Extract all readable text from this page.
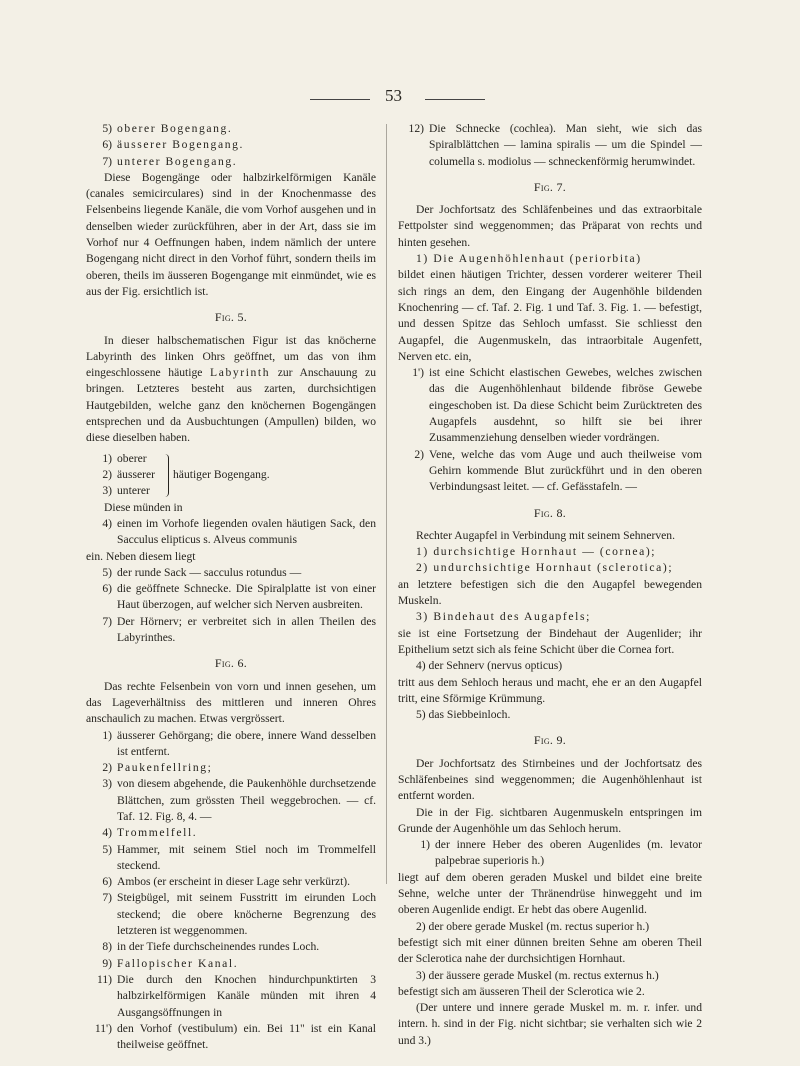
53
5) oberer Bogengang.
6) äusserer Bogengang.
7) unterer Bogengang.

Diese Bogengänge oder halbzirkelförmigen Kanäle (canales semicirculares) sind in der Knochenmasse des Felsenbeins liegende Kanäle, die vom Vorhof ausgehen und in denselben wieder zurückführen, aber in der Art, dass sie im Vorhof nur 4 Oeffnungen haben, indem nämlich der untere Bogengang nicht direct in den Vorhof führt, sondern theils im oberen, theils im äusseren Bogengange mit einmündet, wie es aus der Fig. ersichtlich ist.

Fig. 5.

In dieser halbschematischen Figur ist das knöcherne Labyrinth des linken Ohrs geöffnet, um das von ihm eingeschlossene häutige Labyrinth zur Anschauung zu bringen. Letzteres besteht aus zarten, durchsichtigen Hautgebilden, welche ganz den knöchernen Bogengängen entsprechen und da Ausbuchtungen (Ampullen) bilden, wo diese dieselben haben.

1) oberer
2) äusserer
3) unterer
häutiger Bogengang.

Diese münden in

4) einen im Vorhofe liegenden ovalen häutigen Sack, den Sacculus elipticus s. Alveus communis

ein. Neben diesem liegt

5) der runde Sack — sacculus rotundus —
6) die geöffnete Schnecke. Die Spiralplatte ist von einer Haut überzogen, auf welcher sich Nerven ausbreiten.
7) Der Hörnerv; er verbreitet sich in allen Theilen des Labyrinthes.
Fig. 6.

Das rechte Felsenbein von vorn und innen gesehen, um das Lageverhältniss des mittleren und inneren Ohres anschaulich zu machen. Etwas vergrössert.

1) äusserer Gehörgang; die obere, innere Wand desselben ist entfernt.
2) Paukenfellring;
3) von diesem abgehende, die Paukenhöhle durchsetzende Blättchen, zum grössten Theil weggebrochen. — cf. Taf. 12. Fig. 8, 4. —
4) Trommelfell.
5) Hammer, mit seinem Stiel noch im Trommelfell steckend.
6) Ambos (er erscheint in dieser Lage sehr verkürzt).
7) Steigbügel, mit seinem Fusstritt im eirunden Loch steckend; die obere knöcherne Begrenzung des letzteren ist weggenommen.
8) in der Tiefe durchscheinendes rundes Loch.
9) Fallopischer Kanal.
11) Die durch den Knochen hindurchpunktirten 3 halbzirkelförmigen Kanäle münden mit ihren 4 Ausgangsöffnungen in
11') den Vorhof (vestibulum) ein. Bei 11'' ist ein Kanal theilweise geöffnet.
12) Die Schnecke (cochlea). Man sieht, wie sich das Spiralblättchen — lamina spiralis — um die Spindel — columella s. modiolus — schneckenförmig herumwindet.
Fig. 7.

Der Jochfortsatz des Schläfenbeines und das extraorbitale Fettpolster sind weggenommen; das Präparat von rechts und hinten gesehen.

1) Die Augenhöhlenhaut (periorbita)

bildet einen häutigen Trichter, dessen vorderer weiterer Theil sich rings an dem, den Eingang der Augenhöhle bildenden Knochenring — cf. Taf. 2. Fig. 1 und Taf. 3. Fig. 1. — befestigt, und dessen Spitze das Sehloch umfasst. Sie schliesst den Augapfel, die Augenmuskeln, das intraorbitale Augenfett, Nerven etc. ein,

1') ist eine Schicht elastischen Gewebes, welches zwischen das die Augenhöhlenhaut bildende fibröse Gewebe eingeschoben ist. Da diese Schicht beim Zurücktreten des Augapfels ausdehnt, so hilft sie bei ihrer Zusammenziehung denselben wieder vordrängen.
2) Vene, welche das vom Auge und auch theilweise vom Gehirn kommende Blut zurückführt und in den oberen Verbindungsast leitet. — cf. Gefässtafeln. —
Fig. 8.

Rechter Augapfel in Verbindung mit seinem Sehnerven.

1) durchsichtige Hornhaut — (cornea);

2) undurchsichtige Hornhaut (sclerotica);

an letztere befestigen sich die den Augapfel bewegenden Muskeln.

3) Bindehaut des Augapfels;

sie ist eine Fortsetzung der Bindehaut der Augenlider; ihr Epithelium setzt sich als feine Schicht über die Cornea fort.

4) der Sehnerv (nervus opticus)

tritt aus dem Sehloch heraus und macht, ehe er an den Augapfel tritt, eine Sförmige Krümmung.

5) das Siebbeinloch.

Fig. 9.

Der Jochfortsatz des Stirnbeines und der Jochfortsatz des Schläfenbeines sind weggenommen; die Augenhöhlenhaut ist entfernt worden.

Die in der Fig. sichtbaren Augenmuskeln entspringen im Grunde der Augenhöhle um das Sehloch herum.

1) der innere Heber des oberen Augenlides (m. levator palpebrae superioris h.)

liegt auf dem oberen geraden Muskel und bildet eine breite Sehne, welche unter der Thränendrüse hinweggeht und im oberen Augenlide endigt. Er hebt das obere Augenlid.

2) der obere gerade Muskel (m. rectus superior h.)

befestigt sich mit einer dünnen breiten Sehne am oberen Theil der Sclerotica nahe der durchsichtigen Hornhaut.

3) der äussere gerade Muskel (m. rectus externus h.)

befestigt sich am äusseren Theil der Sclerotica wie 2.

(Der untere und innere gerade Muskel m. m. r. infer. und intern. h. sind in der Fig. nicht sichtbar; sie verhalten sich wie 2 und 3.)
